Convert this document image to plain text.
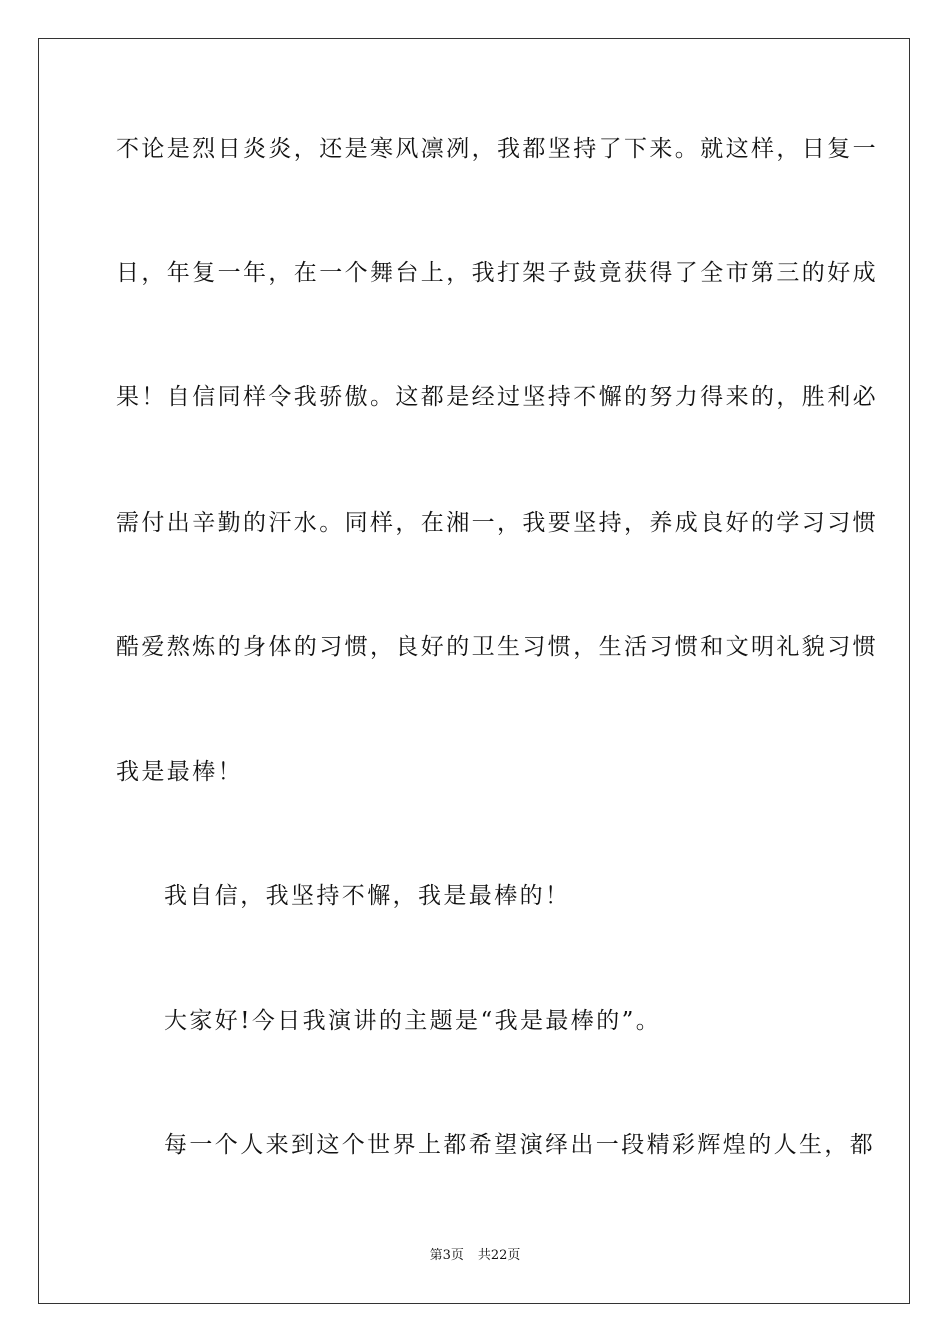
不论是烈日炎炎，还是寒风凛冽，我都坚持了下来。就这样，日复一
日，年复一年，在一个舞台上，我打架子鼓竟获得了全市第三的好成
果！自信同样令我骄傲。这都是经过坚持不懈的努力得来的，胜利必
需付出辛勤的汗水。同样，在湘一，我要坚持，养成良好的学习习惯
酷爱熬炼的身体的习惯，良好的卫生习惯，生活习惯和文明礼貌习惯
我是最棒！
我自信，我坚持不懈，我是最棒的！
大家好!今日我演讲的主题是“我是最棒的”。
每一个人来到这个世界上都希望演绎出一段精彩辉煌的人生，都
第3页 共22页
